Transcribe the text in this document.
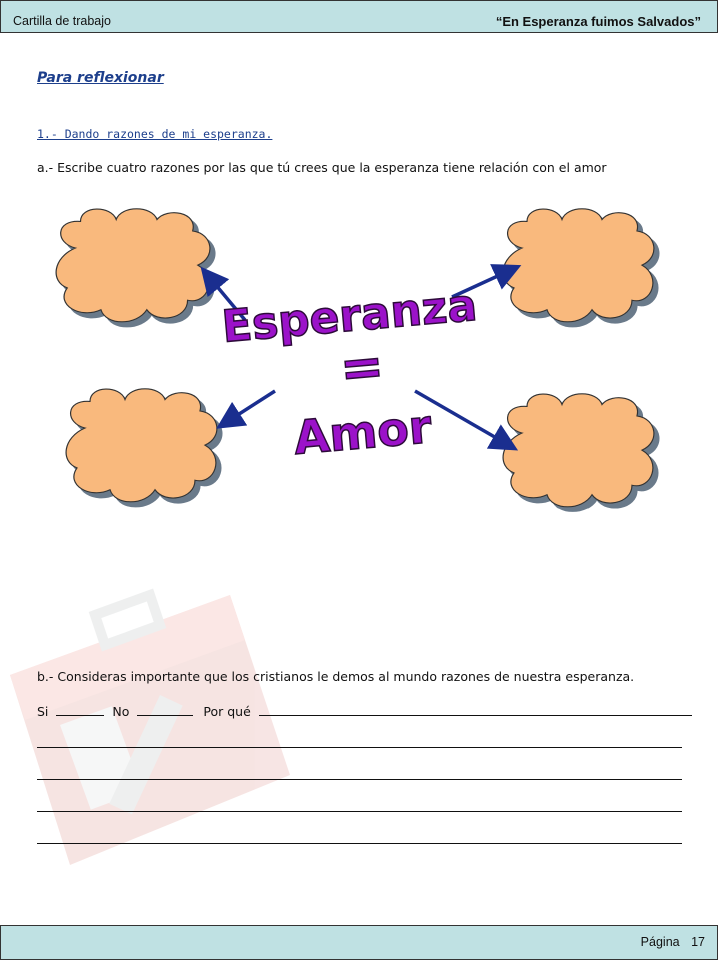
Cartilla de trabajo	“En Esperanza fuimos Salvados”
Para reflexionar
1.- Dando razones de mi esperanza.
a.- Escribe cuatro razones por las que tú crees que la esperanza tiene relación con el amor
Esperanza
=
Amor
b.- Consideras importante que los cristianos le demos al mundo razones de nuestra esperanza.
Si	No	Por qué
Página 17
